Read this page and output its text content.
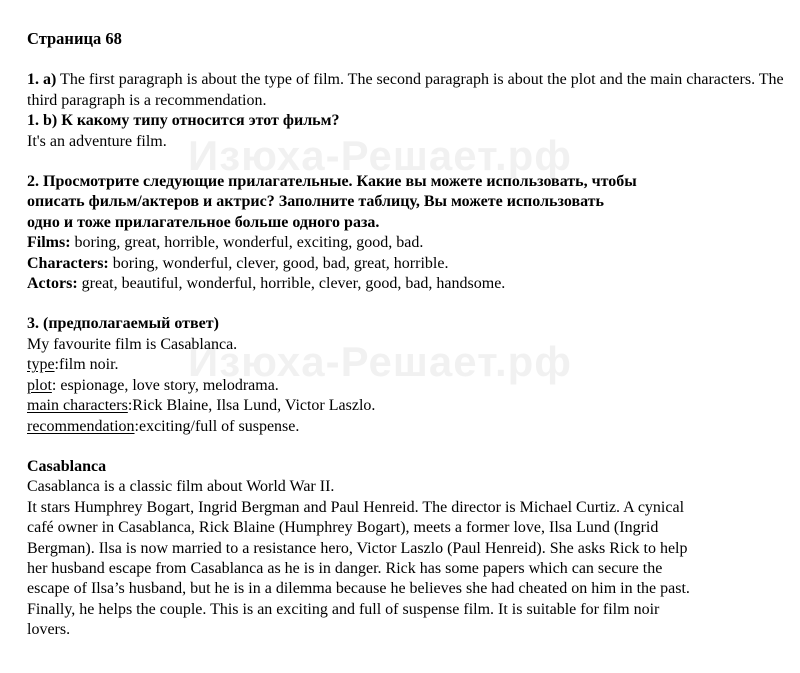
Изюха-Решает.рф
Изюха-Решает.рф

Страница 68

1. a) The first paragraph is about the type of film. The second paragraph is about the plot and the main characters. The third paragraph is a recommendation.

1. b) К какому типу относится этот фильм?

It's an adventure film.

2. Просмотрите следующие прилагательные. Какие вы можете использовать, чтобы

описать фильм/актеров и актрис? Заполните таблицу, Вы можете использовать

одно и тоже прилагательное больше одного раза.

Films: boring, great, horrible, wonderful, exciting, good, bad.

Characters: boring, wonderful, clever, good, bad, great, horrible.

Actors: great, beautiful, wonderful, horrible, clever, good, bad, handsome.

3. (предполагаемый ответ)

My favourite film is Casablanca.

type:film noir.

plot: espionage, love story, melodrama.

main characters:Rick Blaine, Ilsa Lund, Victor Laszlo.

recommendation:exciting/full of suspense.

Casablanca

Casablanca is a classic film about World War II.

It stars Humphrey Bogart, Ingrid Bergman and Paul Henreid. The director is Michael Curtiz. A cynical

café owner in Casablanca, Rick Blaine (Humphrey Bogart), meets a former love, Ilsa Lund (Ingrid

Bergman). Ilsa is now married to a resistance hero, Victor Laszlo (Paul Henreid). She asks Rick to help

her husband escape from Casablanca as he is in danger. Rick has some papers which can secure the

escape of Ilsa’s husband, but he is in a dilemma because he believes she had cheated on him in the past.

Finally, he helps the couple. This is an exciting and full of suspense film. It is suitable for film noir

lovers.
